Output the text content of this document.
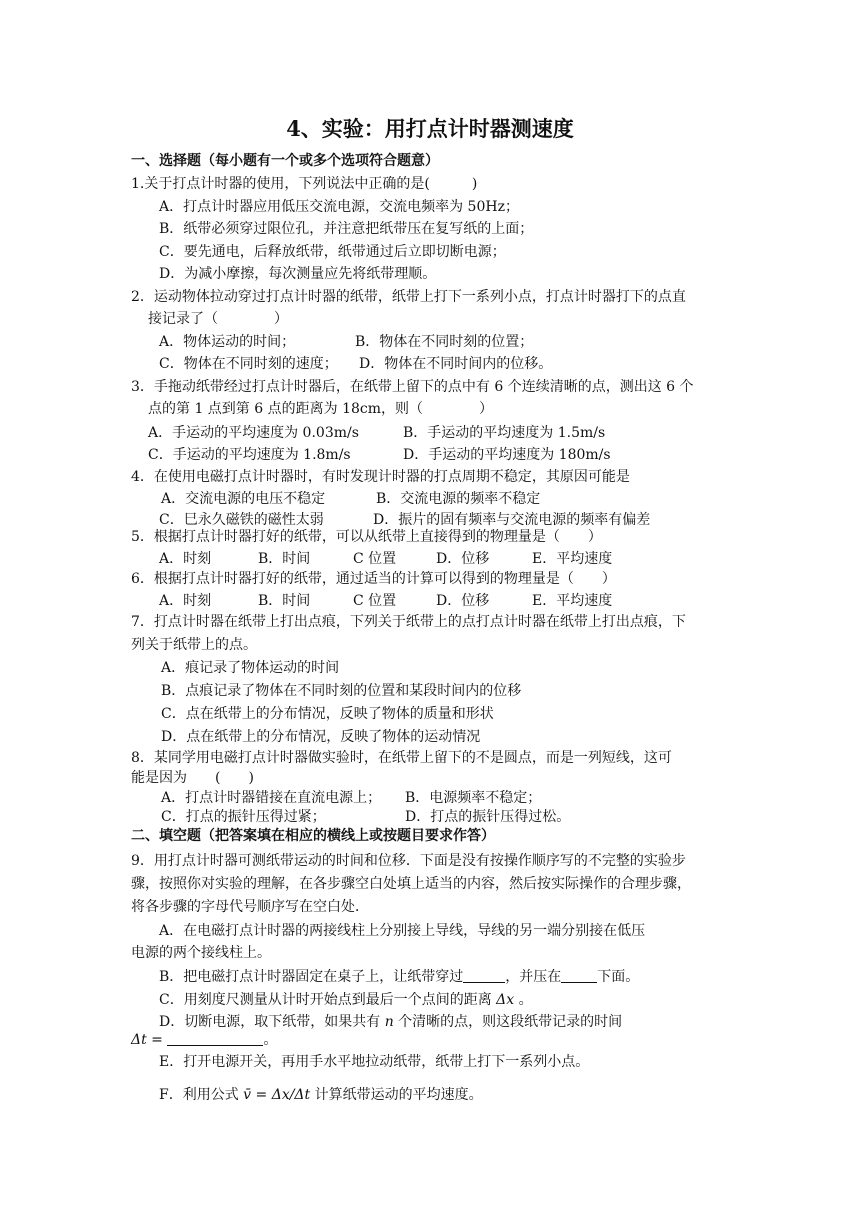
4、实验：用打点计时器测速度
一、选择题（每小题有一个或多个选项符合题意）
1.关于打点计时器的使用，下列说法中正确的是(　　　)
A．打点计时器应用低压交流电源，交流电频率为 50Hz；
B．纸带必须穿过限位孔，并注意把纸带压在复写纸的上面；
C．要先通电，后释放纸带，纸带通过后立即切断电源；
D．为减小摩擦，每次测量应先将纸带理顺。
2．运动物体拉动穿过打点计时器的纸带，纸带上打下一系列小点，打点计时器打下的点直
接记录了（　　　　）
A．物体运动的时间；	B．物体在不同时刻的位置；
C．物体在不同时刻的速度； D．物体在不同时间内的位移。
3．手拖动纸带经过打点计时器后，在纸带上留下的点中有 6 个连续清晰的点，测出这 6 个
点的第 1 点到第 6 点的距离为 18cm，则（　　　　）
A．手运动的平均速度为 0.03m/s	B．手运动的平均速度为 1.5m/s
C．手运动的平均速度为 1.8m/s	D．手运动的平均速度为 180m/s
4．在使用电磁打点计时器时，有时发现计时器的打点周期不稳定，其原因可能是
A．交流电源的电压不稳定	B．交流电源的频率不稳定
C．巳永久磁铁的磁性太弱	D．振片的固有频率与交流电源的频率有偏差
5．根据打点计时器打好的纸带，可以从纸带上直接得到的物理量是（　　）
A．时刻	B．时间	C 位置	D．位移	E．平均速度
6．根据打点计时器打好的纸带，通过适当的计算可以得到的物理量是（　　）
A．时刻	B．时间	C 位置	D．位移	E．平均速度
7．打点计时器在纸带上打出点痕，下列关于纸带上的点打点计时器在纸带上打出点痕，下
列关于纸带上的点。
A．痕记录了物体运动的时间
B．点痕记录了物体在不同时刻的位置和某段时间内的位移
C．点在纸带上的分布情况，反映了物体的质量和形状
D．点在纸带上的分布情况，反映了物体的运动情况
8．某同学用电磁打点计时器做实验时，在纸带上留下的不是圆点，而是一列短线，这可
能是因为　　(　　)
A．打点计时器错接在直流电源上； B．电源频率不稳定；
C．打点的振针压得过紧；	D．打点的振针压得过松。
二、填空题（把答案填在相应的横线上或按题目要求作答）
9．用打点计时器可测纸带运动的时间和位移．下面是没有按操作顺序写的不完整的实验步
骤，按照你对实验的理解，在各步骤空白处填上适当的内容，然后按实际操作的合理步骤，
将各步骤的字母代号顺序写在空白处．
A．在电磁打点计时器的两接线柱上分别接上导线，导线的另一端分别接在低压
电源的两个接线柱上。
B．把电磁打点计时器固定在桌子上，让纸带穿过	，并压在	下面。
C．用刻度尺测量从计时开始点到最后一个点间的距离 Δx 。
D．切断电源，取下纸带，如果共有 n 个清晰的点，则这段纸带记录的时间
Δt =	。
E．打开电源开关，再用手水平地拉动纸带，纸带上打下一系列小点。
F．利用公式 v̄ = Δx/Δt 计算纸带运动的平均速度。
